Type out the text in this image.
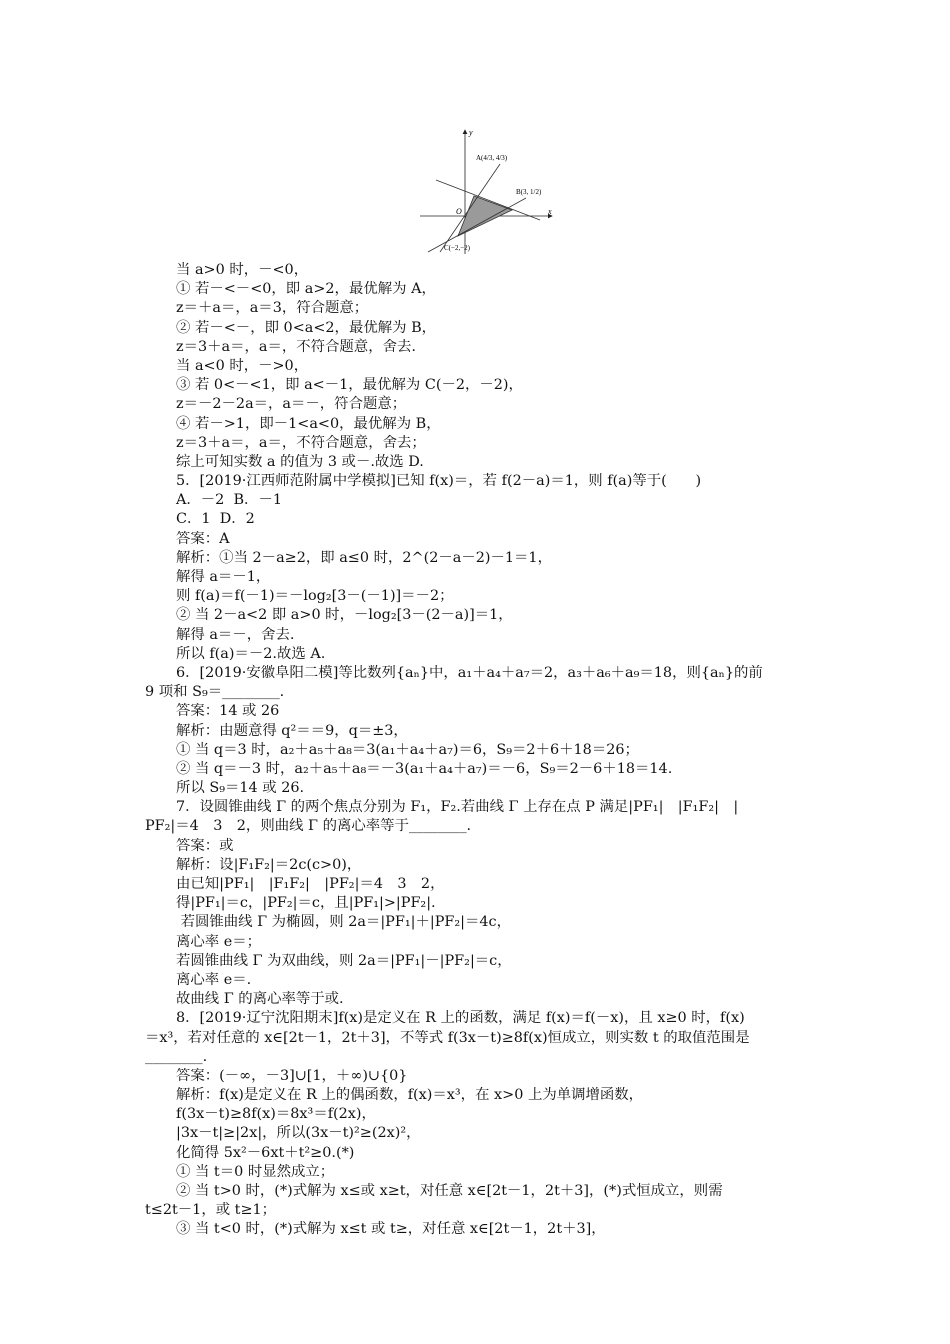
y
x
O
A(4/3, 4/3)
B(3, 1/2)
C(−2,−2)
当 a>0 时，－<0，
① 若－<－<0，即 a>2，最优解为 A，
z＝＋a＝，a＝3，符合题意；
② 若－<－，即 0<a<2，最优解为 B，
z＝3＋a＝，a＝，不符合题意，舍去.
当 a<0 时，－>0，
③ 若 0<－<1，即 a<－1，最优解为 C(－2，－2)，
z＝－2－2a＝，a＝－，符合题意；
④ 若－>1，即－1<a<0，最优解为 B，
z＝3＋a＝，a＝，不符合题意，舍去；
综上可知实数 a 的值为 3 或－.故选 D.
5．[2019·江西师范附属中学模拟]已知 f(x)＝，若 f(2－a)＝1，则 f(a)等于(　　)
A．－2  B．－1
C．1  D．2
答案：A
解析：①当 2－a≥2，即 a≤0 时，2^(2－a－2)－1＝1，
解得 a＝－1，
则 f(a)＝f(－1)＝－log₂[3－(－1)]＝－2；
② 当 2－a<2 即 a>0 时，－log₂[3－(2－a)]＝1，
解得 a＝－，舍去.
所以 f(a)＝－2.故选 A.
6．[2019·安徽阜阳二模]等比数列{aₙ}中，a₁＋a₄＋a₇＝2，a₃＋a₆＋a₉＝18，则{aₙ}的前
9 项和 S₉＝________.
答案：14 或 26
解析：由题意得 q²＝＝9，q＝±3，
① 当 q＝3 时，a₂＋a₅＋a₈＝3(a₁＋a₄＋a₇)＝6，S₉＝2＋6＋18＝26；
② 当 q＝－3 时，a₂＋a₅＋a₈＝－3(a₁＋a₄＋a₇)＝－6，S₉＝2－6＋18＝14.
所以 S₉＝14 或 26.
7．设圆锥曲线 Γ 的两个焦点分别为 F₁，F₂.若曲线 Γ 上存在点 P 满足|PF₁|　|F₁F₂|　|
PF₂|＝4　3　2，则曲线 Γ 的离心率等于________.
答案：或
解析：设|F₁F₂|＝2c(c>0)，
由已知|PF₁|　|F₁F₂|　|PF₂|＝4　3　2，
得|PF₁|＝c，|PF₂|＝c，且|PF₁|>|PF₂|.
若圆锥曲线 Γ 为椭圆，则 2a＝|PF₁|＋|PF₂|＝4c，
离心率 e＝；
若圆锥曲线 Γ 为双曲线，则 2a＝|PF₁|－|PF₂|＝c，
离心率 e＝.
故曲线 Γ 的离心率等于或.
8．[2019·辽宁沈阳期末]f(x)是定义在 R 上的函数，满足 f(x)＝f(－x)，且 x≥0 时，f(x)
＝x³，若对任意的 x∈[2t－1，2t＋3]，不等式 f(3x－t)≥8f(x)恒成立，则实数 t 的取值范围是
________.
答案：(－∞，－3]∪[1，＋∞)∪{0}
解析：f(x)是定义在 R 上的偶函数，f(x)＝x³，在 x>0 上为单调增函数，
f(3x－t)≥8f(x)＝8x³＝f(2x)，
|3x－t|≥|2x|，所以(3x－t)²≥(2x)²，
化简得 5x²－6xt＋t²≥0.(*)
① 当 t＝0 时显然成立；
② 当 t>0 时，(*)式解为 x≤或 x≥t，对任意 x∈[2t－1，2t＋3]，(*)式恒成立，则需
t≤2t－1，或 t≥1；
③ 当 t<0 时，(*)式解为 x≤t 或 t≥，对任意 x∈[2t－1，2t＋3]，
